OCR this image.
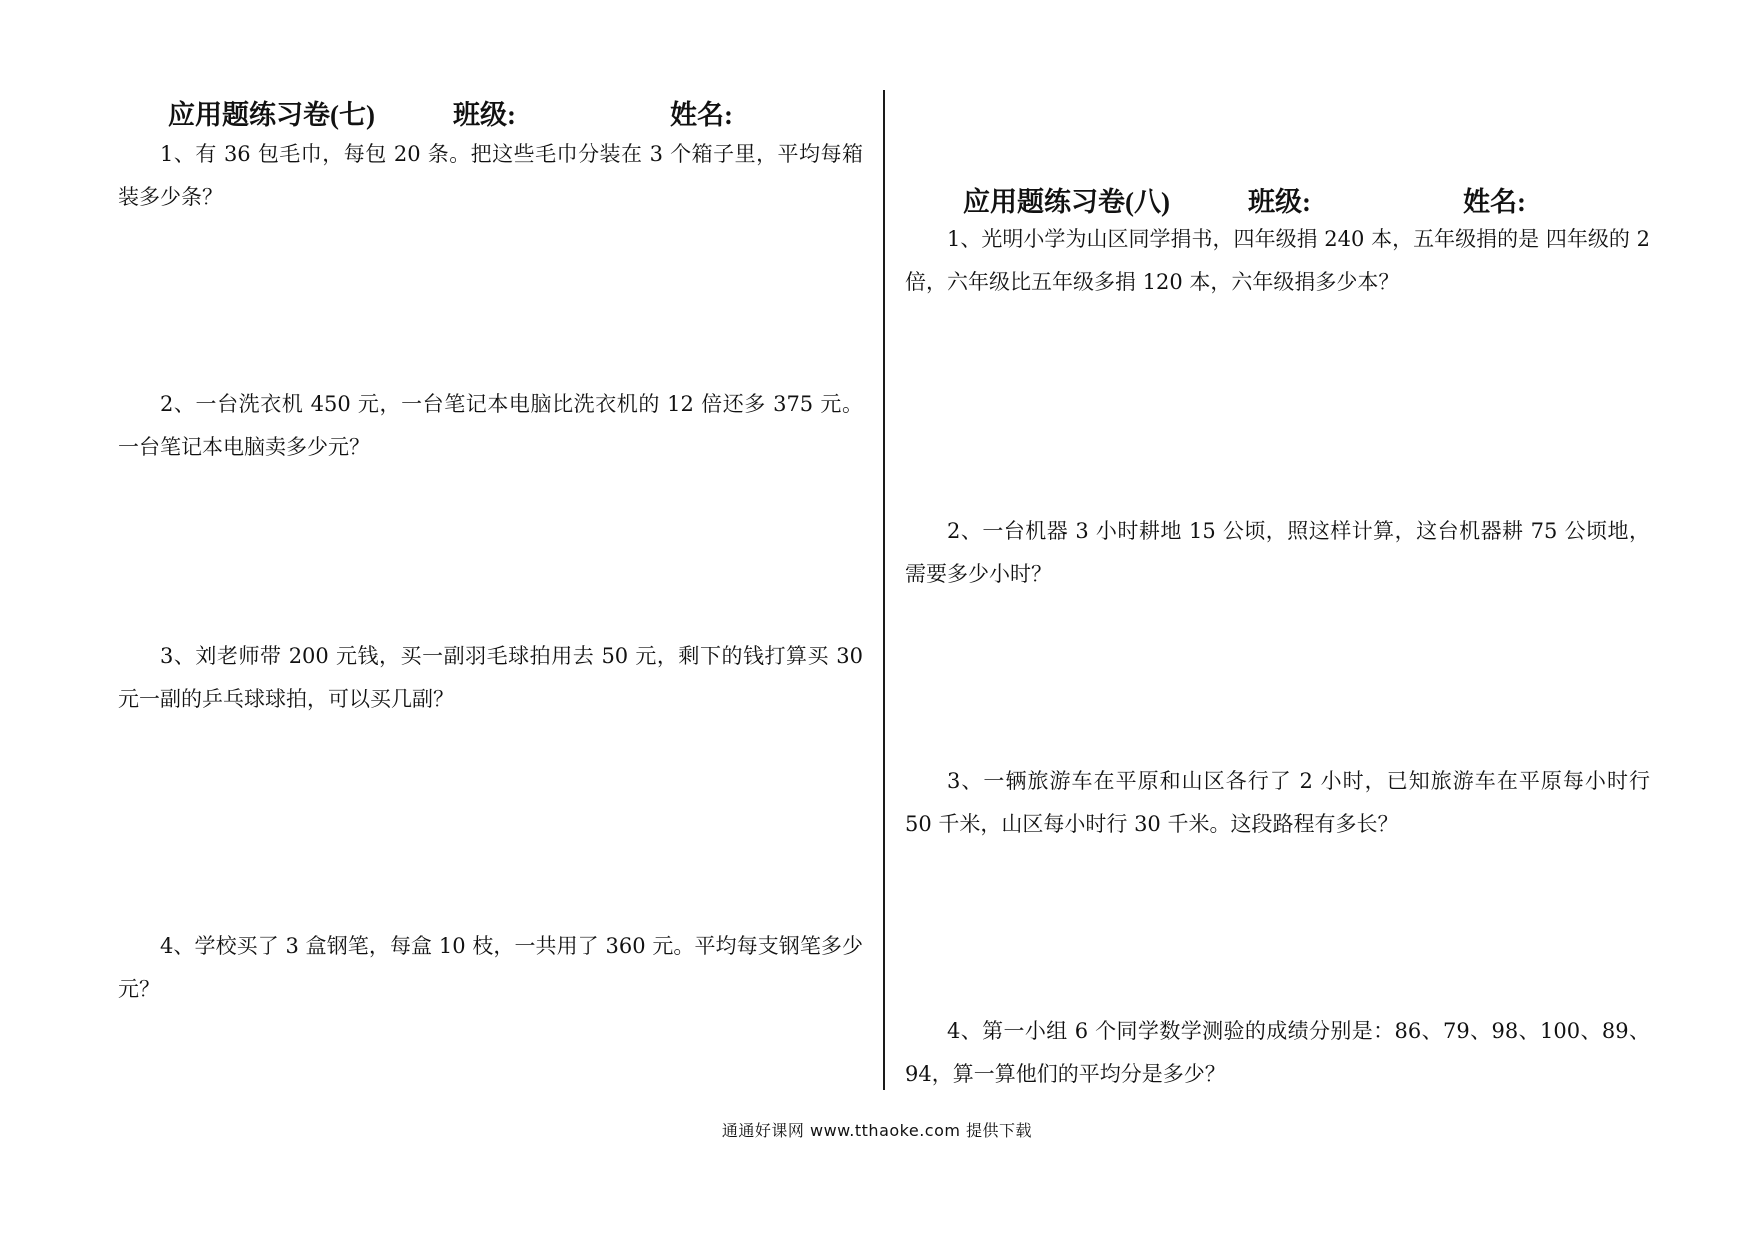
应用题练习卷(七)	班级:	姓名:
1、有 36 包毛巾，每包 20 条。把这些毛巾分装在 3 个箱子里，平均每箱装多少条？
2、一台洗衣机 450 元，一台笔记本电脑比洗衣机的 12 倍还多 375 元。一台笔记本电脑卖多少元？
3、刘老师带 200 元钱，买一副羽毛球拍用去 50 元，剩下的钱打算买 30 元一副的乒乓球球拍，可以买几副？
4、学校买了 3 盒钢笔，每盒 10 枝，一共用了 360 元。平均每支钢笔多少元？
应用题练习卷(八)	班级:	姓名:
1、光明小学为山区同学捐书，四年级捐 240 本，五年级捐的是 四年级的 2 倍，六年级比五年级多捐 120 本，六年级捐多少本？
2、一台机器 3 小时耕地 15 公顷，照这样计算，这台机器耕 75 公顷地，需要多少小时？
3、一辆旅游车在平原和山区各行了 2 小时，已知旅游车在平原每小时行 50 千米，山区每小时行 30 千米。这段路程有多长？
4、第一小组 6 个同学数学测验的成绩分别是：86、79、98、100、89、94，算一算他们的平均分是多少？
通通好课网 www.tthaoke.com 提供下载
